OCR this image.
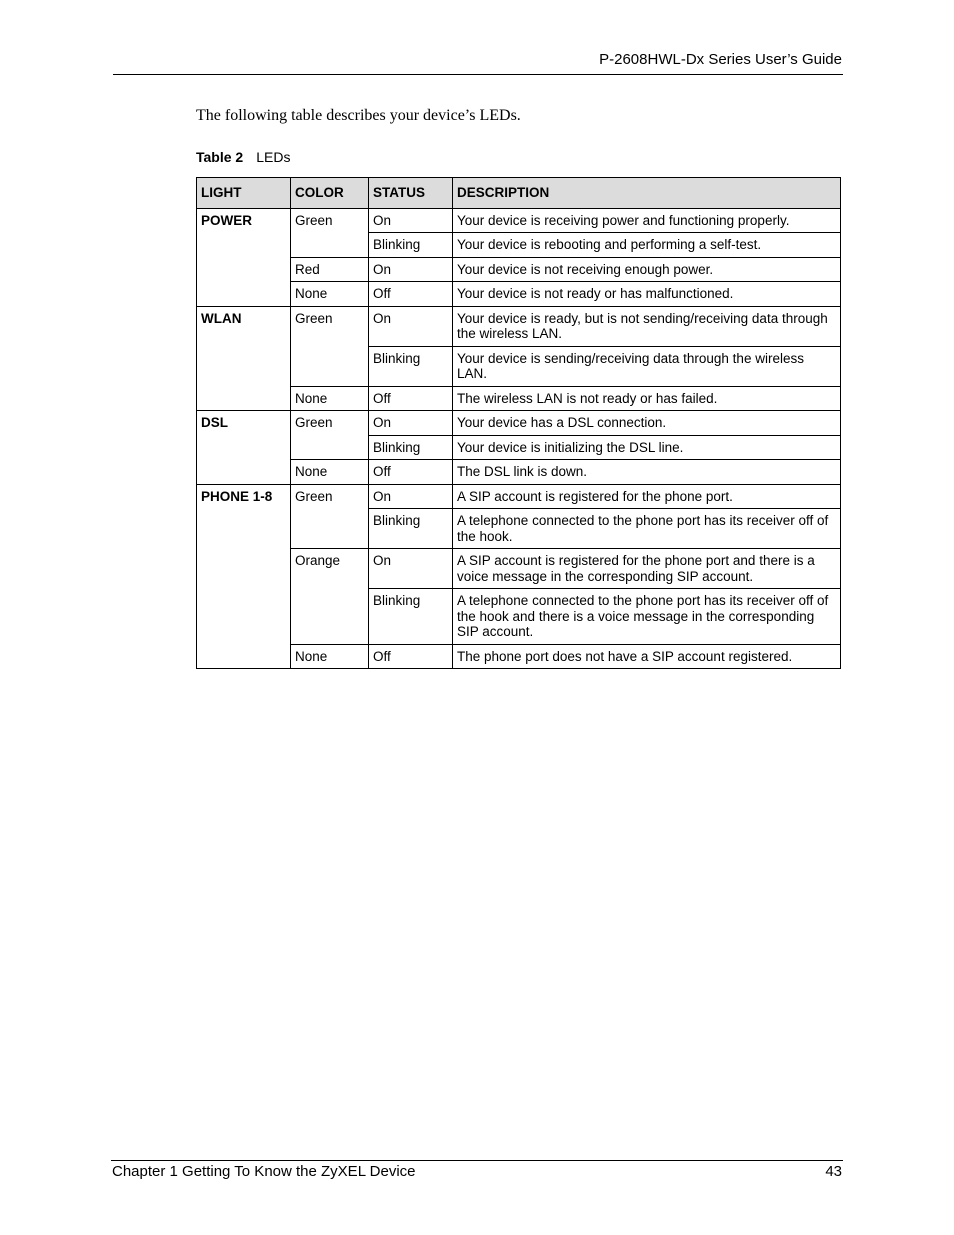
P-2608HWL-Dx Series User’s Guide
The following table describes your device’s LEDs.
Table 2 LEDs
LIGHT	COLOR	STATUS	DESCRIPTION
POWER	Green	On	Your device is receiving power and functioning properly.
		Blinking	Your device is rebooting and performing a self-test.
	Red	On	Your device is not receiving enough power.
	None	Off	Your device is not ready or has malfunctioned.
WLAN	Green	On	Your device is ready, but is not sending/receiving data through the wireless LAN.
		Blinking	Your device is sending/receiving data through the wireless LAN.
	None	Off	The wireless LAN is not ready or has failed.
DSL	Green	On	Your device has a DSL connection.
		Blinking	Your device is initializing the DSL line.
	None	Off	The DSL link is down.
PHONE 1-8	Green	On	A SIP account is registered for the phone port.
		Blinking	A telephone connected to the phone port has its receiver off of the hook.
	Orange	On	A SIP account is registered for the phone port and there is a voice message in the corresponding SIP account.
		Blinking	A telephone connected to the phone port has its receiver off of the hook and there is a voice message in the corresponding SIP account.
	None	Off	The phone port does not have a SIP account registered.
Chapter 1 Getting To Know the ZyXEL Device	43
